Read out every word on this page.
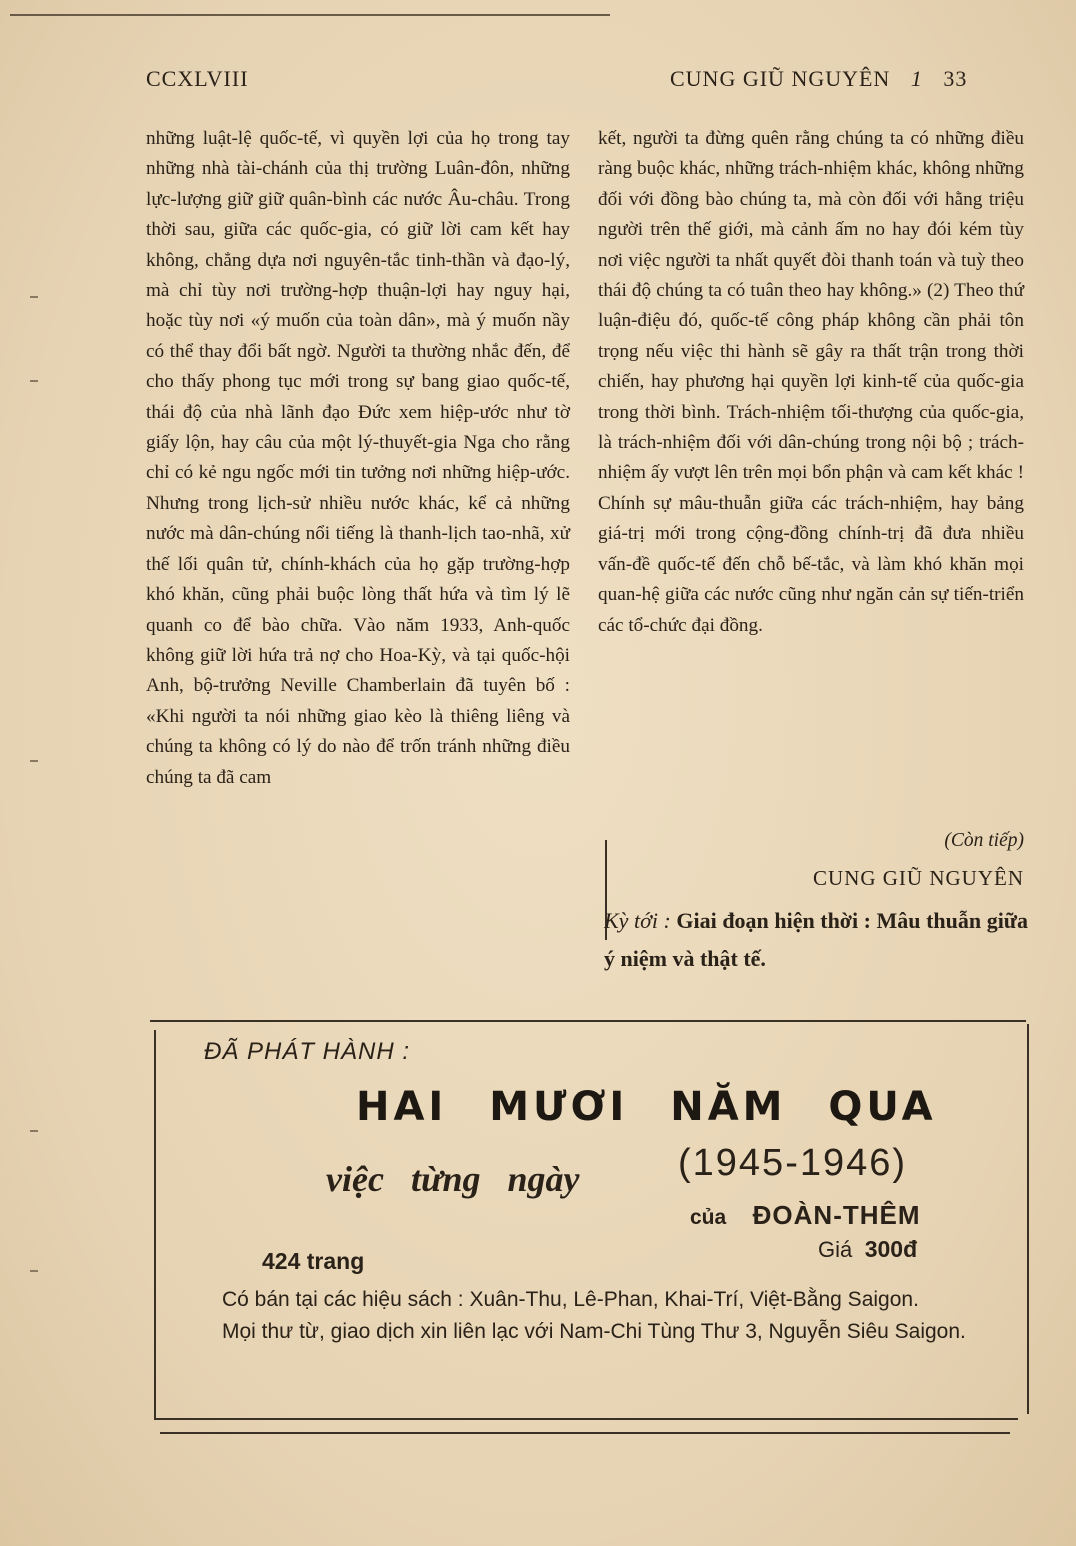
CCXLVIII	CUNG GIŨ NGUYÊN 1 33

những luật-lệ quốc-tế, vì quyền lợi của họ trong tay những nhà tài-chánh của thị trường Luân-đôn, những lực-lượng giữ giữ quân-bình các nước Âu-châu. Trong thời sau, giữa các quốc-gia, có giữ lời cam kết hay không, chẳng dựa nơi nguyên-tắc tinh-thần và đạo-lý, mà chỉ tùy nơi trường-hợp thuận-lợi hay nguy hại, hoặc tùy nơi «ý muốn của toàn dân», mà ý muốn nầy có thể thay đổi bất ngờ. Người ta thường nhắc đến, để cho thấy phong tục mới trong sự bang giao quốc-tế, thái độ của nhà lãnh đạo Đức xem hiệp-ước như tờ giấy lộn, hay câu của một lý-thuyết-gia Nga cho rằng chỉ có kẻ ngu ngốc mới tin tưởng nơi những hiệp-ước. Nhưng trong lịch-sử nhiều nước khác, kể cả những nước mà dân-chúng nổi tiếng là thanh-lịch tao-nhã, xử thế lối quân tử, chính-khách của họ gặp trường-hợp khó khăn, cũng phải buộc lòng thất hứa và tìm lý lẽ quanh co để bào chữa. Vào năm 1933, Anh-quốc không giữ lời hứa trả nợ cho Hoa-Kỳ, và tại quốc-hội Anh, bộ-trưởng Neville Chamberlain đã tuyên bố : «Khi người ta nói những giao kèo là thiêng liêng và chúng ta không có lý do nào để trốn tránh những điều chúng ta đã cam

kết, người ta đừng quên rằng chúng ta có những điều ràng buộc khác, những trách-nhiệm khác, không những đối với đồng bào chúng ta, mà còn đối với hằng triệu người trên thế giới, mà cảnh ấm no hay đói kém tùy nơi việc người ta nhất quyết đòi thanh toán và tuỳ theo thái độ chúng ta có tuân theo hay không.» (2) Theo thứ luận-điệu đó, quốc-tế công pháp không cần phải tôn trọng nếu việc thi hành sẽ gây ra thất trận trong thời chiến, hay phương hại quyền lợi kinh-tế của quốc-gia trong thời bình. Trách-nhiệm tối-thượng của quốc-gia, là trách-nhiệm đối với dân-chúng trong nội bộ ; trách-nhiệm ấy vượt lên trên mọi bổn phận và cam kết khác ! Chính sự mâu-thuẫn giữa các trách-nhiệm, hay bảng giá-trị mới trong cộng-đồng chính-trị đã đưa nhiều vấn-đề quốc-tế đến chỗ bế-tắc, và làm khó khăn mọi quan-hệ giữa các nước cũng như ngăn cản sự tiến-triển các tổ-chức đại đồng.

(Còn tiếp)
CUNG GIŨ NGUYÊN
Kỳ tới : Giai đoạn hiện thời : Mâu thuẫn giữa ý niệm và thật tế.
ĐÃ PHÁT HÀNH :
HAI MƯƠI NĂM QUA
việc từng ngày	(1945-1946)
của ĐOÀN-THÊM
424 trang	Giá 300đ

Có bán tại các hiệu sách : Xuân-Thu, Lê-Phan, Khai-Trí, Việt-Bằng Saigon.

Mọi thư từ, giao dịch xin liên lạc với Nam-Chi Tùng Thư 3, Nguyễn Siêu Saigon.
